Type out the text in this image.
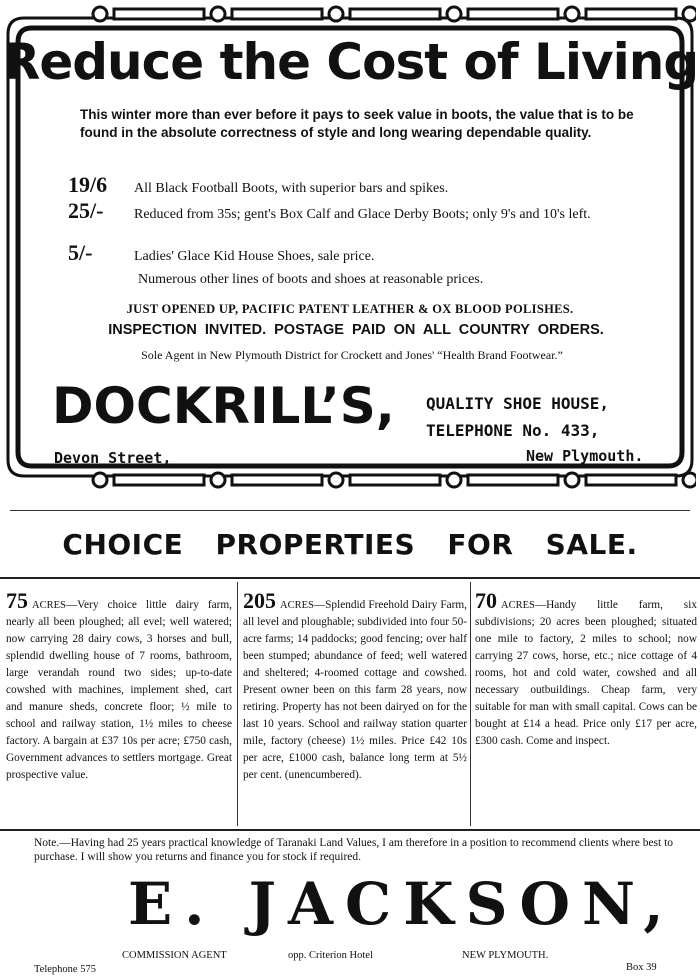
Reduce the Cost of Living
This winter more than ever before it pays to seek value in boots, the value that is to be found in the absolute correctness of style and long wearing dependable quality.
19/6 All Black Football Boots, with superior bars and spikes.
25/- Reduced from 35s; gent's Box Calf and Glace Derby Boots; only 9's and 10's left.
5/-	Ladies' Glace Kid House Shoes, sale price.
Numerous other lines of boots and shoes at reasonable prices.
JUST OPENED UP, PACIFIC PATENT LEATHER & OX BLOOD POLISHES.
INSPECTION INVITED. POSTAGE PAID ON ALL COUNTRY ORDERS.
Sole Agent in New Plymouth District for Crockett and Jones' “Health Brand Footwear.”
DOCKRILL’S, QUALITY SHOE HOUSE,
TELEPHONE No. 433,
Devon Street,	New Plymouth.
CHOICE PROPERTIES FOR SALE.
75 ACRES—Very choice little dairy farm, nearly all been ploughed; all evel; well watered; now carrying 28 dairy cows, 3 horses and bull, splendid dwelling house of 7 rooms, bathroom, large verandah round two sides; up-to-date cowshed with machines, implement shed, cart and manure sheds, concrete floor; ½ mile to school and railway station, 1½ miles to cheese factory. A bargain at £37 10s per acre; £750 cash, Government advances to settlers mortgage. Great prospective value.
205 ACRES—Splendid Freehold Dairy Farm, all level and ploughable; subdivided into four 50-acre farms; 14 paddocks; good fencing; over half been stumped; abundance of feed; well watered and sheltered; 4-roomed cottage and cowshed. Present owner been on this farm 28 years, now retiring. Property has not been dairyed on for the last 10 years. School and railway station quarter mile, factory (cheese) 1½ miles. Price £42 10s per acre, £1000 cash, balance long term at 5½ per cent. (unencumbered).
70 ACRES—Handy little farm, six subdivisions; 20 acres been ploughed; situated one mile to factory, 2 miles to school; now carrying 27 cows, horse, etc.; nice cottage of 4 rooms, hot and cold water, cowshed and all necessary outbuildings. Cheap farm, very suitable for man with small capital. Cows can be bought at £14 a head. Price only £17 per acre, £300 cash. Come and inspect.
Note.—Having had 25 years practical knowledge of Taranaki Land Values, I am therefore in a position to recommend clients where best to purchase. I will show you returns and finance you for stock if required.
E. JACKSON,
COMMISSION AGENT	opp. Criterion Hotel	NEW PLYMOUTH.
Telephone 575	Box 39
